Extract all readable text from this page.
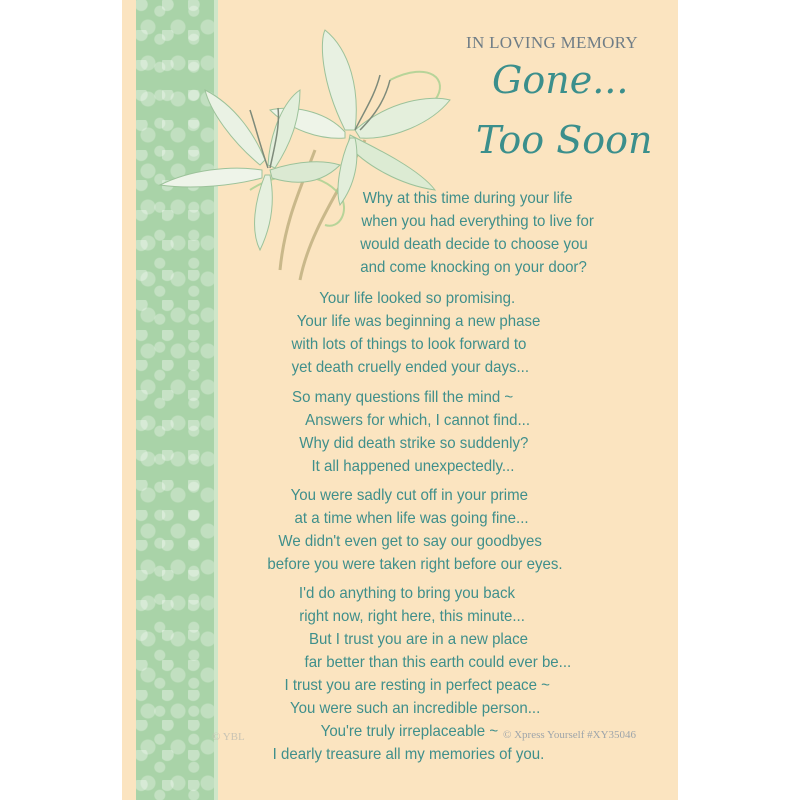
IN LOVING MEMORY
Gone...
Too Soon
Why at this time during your life
when you had everything to live for
would death decide to choose you
and come knocking on your door?
Your life looked so promising.
Your life was beginning a new phase
with lots of things to look forward to
yet death cruelly ended your days...
So many questions fill the mind ~
Answers for which, I cannot find...
Why did death strike so suddenly?
It all happened unexpectedly...
You were sadly cut off in your prime
at a time when life was going fine...
We didn't even get to say our goodbyes
before you were taken right before our eyes.
I'd do anything to bring you back
right now, right here, this minute...
But I trust you are in a new place
far better than this earth could ever be...
I trust you are resting in perfect peace ~
You were such an incredible person...
You're truly irreplaceable ~
I dearly treasure all my memories of you.
© YBL	© Xpress Yourself #XY35046
